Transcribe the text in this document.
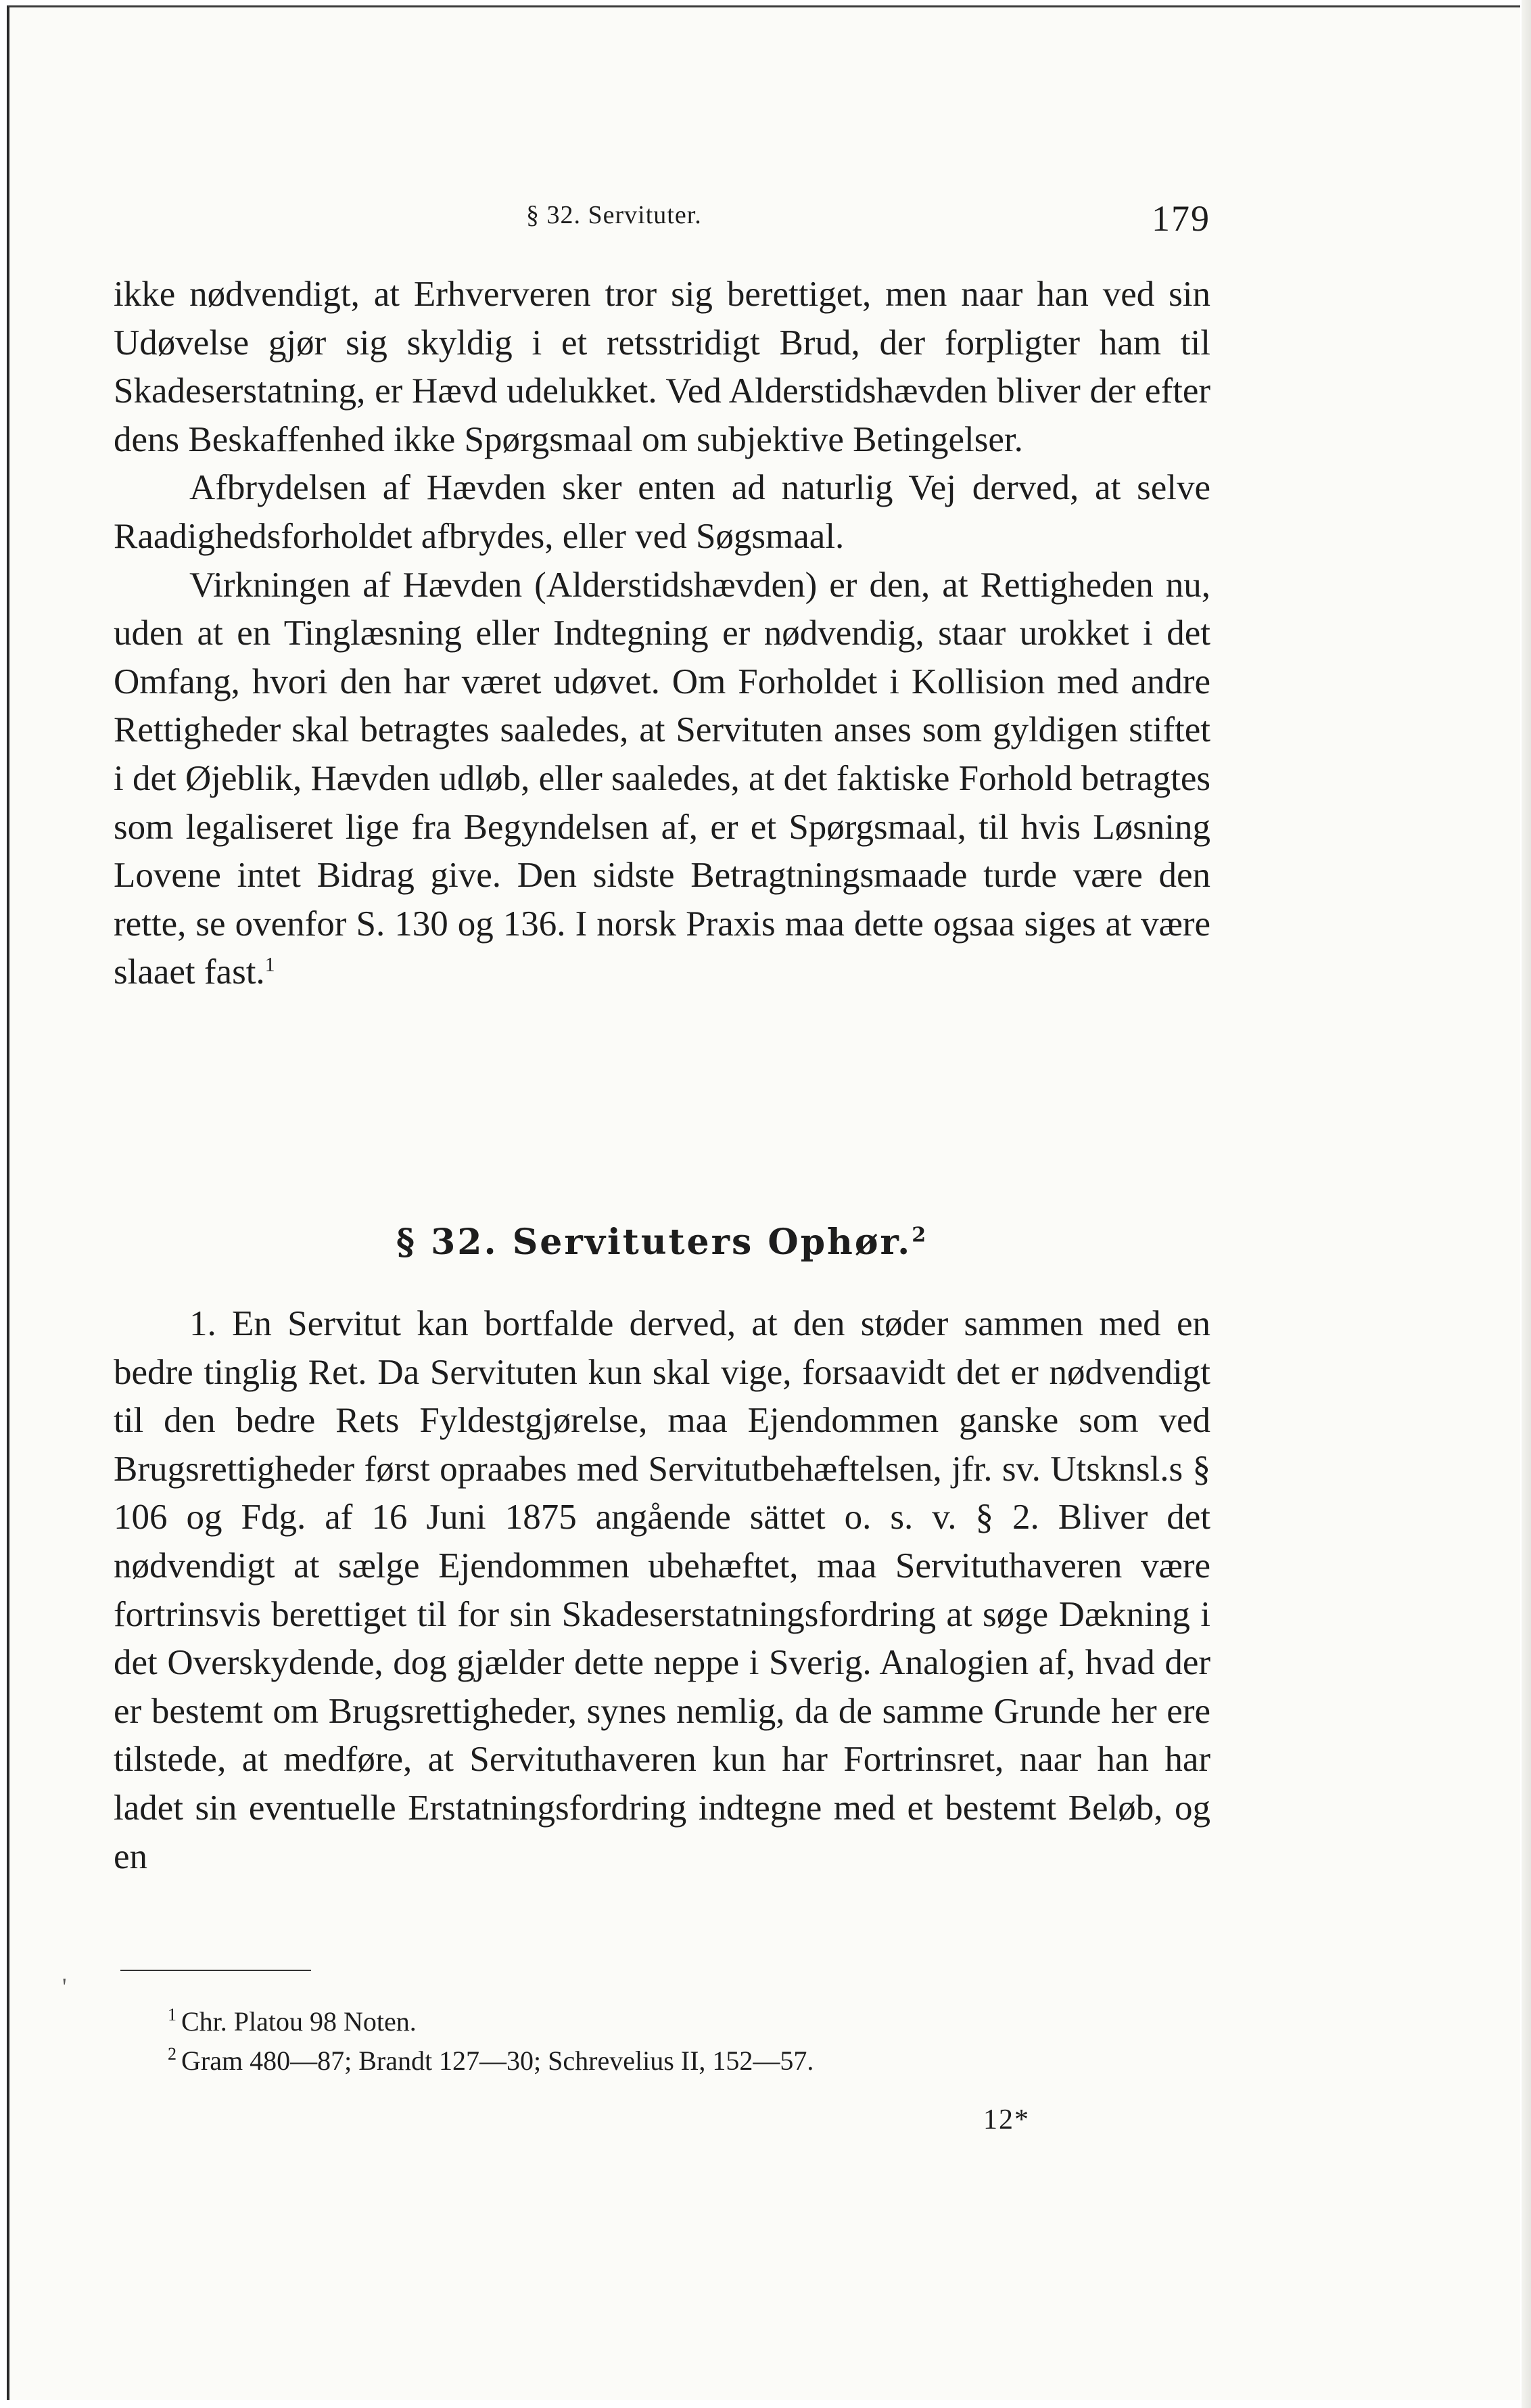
§ 32. Servituter.	179

ikke nødvendigt, at Erhververen tror sig berettiget, men naar han ved sin Udøvelse gjør sig skyldig i et retsstridigt Brud, der forpligter ham til Skadeserstatning, er Hævd udelukket. Ved Alderstidshævden bliver der efter dens Beskaffenhed ikke Spørgsmaal om subjektive Betingelser.

Afbrydelsen af Hævden sker enten ad naturlig Vej derved, at selve Raadighedsforholdet afbrydes, eller ved Søgsmaal.

Virkningen af Hævden (Alderstidshævden) er den, at Rettigheden nu, uden at en Tinglæsning eller Indtegning er nødvendig, staar urokket i det Omfang, hvori den har været udøvet. Om Forholdet i Kollision med andre Rettigheder skal betragtes saaledes, at Servituten anses som gyldigen stiftet i det Øjeblik, Hævden udløb, eller saaledes, at det faktiske Forhold betragtes som legaliseret lige fra Begyndelsen af, er et Spørgsmaal, til hvis Løsning Lovene intet Bidrag give. Den sidste Betragtningsmaade turde være den rette, se ovenfor S. 130 og 136. I norsk Praxis maa dette ogsaa siges at være slaaet fast.$^1$

§ 32. Servituters Ophør.$^2$

1. En Servitut kan bortfalde derved, at den støder sammen med en bedre tinglig Ret. Da Servituten kun skal vige, forsaavidt det er nødvendigt til den bedre Rets Fyldestgjørelse, maa Ejendommen ganske som ved Brugsrettigheder først opraabes med Servitutbehæftelsen, jfr. sv. Utsknsl.s § 106 og Fdg. af 16 Juni 1875 angående sättet o. s. v. § 2. Bliver det nødvendigt at sælge Ejendommen ubehæftet, maa Servituthaveren være fortrinsvis berettiget til for sin Skadeserstatningsfordring at søge Dækning i det Overskydende, dog gjælder dette neppe i Sverig. Analogien af, hvad der er bestemt om Brugsrettigheder, synes nemlig, da de samme Grunde her ere tilstede, at medføre, at Servituthaveren kun har Fortrinsret, naar han har ladet sin eventuelle Erstatningsfordring indtegne med et bestemt Beløb, og en

'

1 Chr. Platou 98 Noten.

2 Gram 480—87; Brandt 127—30; Schrevelius II, 152—57.

12*
